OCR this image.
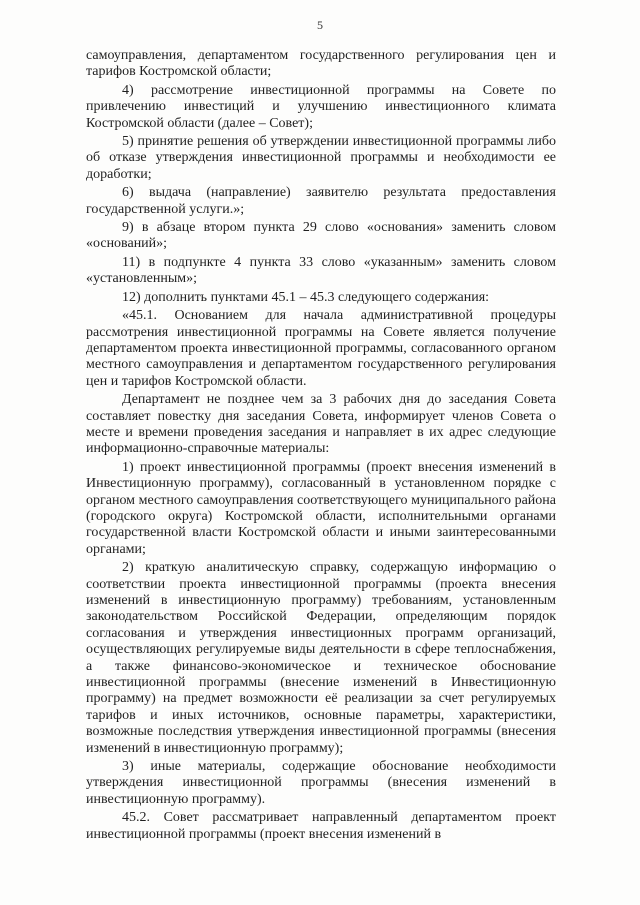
5

самоуправления, департаментом государственного регулирования цен и тарифов Костромской области;

4) рассмотрение инвестиционной программы на Совете по привлечению инвестиций и улучшению инвестиционного климата Костромской области (далее – Совет);

5) принятие решения об утверждении инвестиционной программы либо об отказе утверждения инвестиционной программы и необходимости ее доработки;

6) выдача (направление) заявителю результата предоставления государственной услуги.»;

9) в абзаце втором пункта 29 слово «основания» заменить словом «оснований»;

11) в подпункте 4 пункта 33 слово «указанным» заменить словом «установленным»;

12) дополнить пунктами 45.1 – 45.3 следующего содержания:

«45.1. Основанием для начала административной процедуры рассмотрения инвестиционной программы на Совете является получение департаментом проекта инвестиционной программы, согласованного органом местного самоуправления и департаментом государственного регулирования цен и тарифов Костромской области.

Департамент не позднее чем за 3 рабочих дня до заседания Совета составляет повестку дня заседания Совета, информирует членов Совета о месте и времени проведения заседания и направляет в их адрес следующие информационно-справочные материалы:

1) проект инвестиционной программы (проект внесения изменений в Инвестиционную программу), согласованный в установленном порядке с органом местного самоуправления соответствующего муниципального района (городского округа) Костромской области, исполнительными органами государственной власти Костромской области и иными заинтересованными органами;

2) краткую аналитическую справку, содержащую информацию о соответствии проекта инвестиционной программы (проекта внесения изменений в инвестиционную программу) требованиям, установленным законодательством Российской Федерации, определяющим порядок согласования и утверждения инвестиционных программ организаций, осуществляющих регулируемые виды деятельности в сфере теплоснабжения, а также финансово-экономическое и техническое обоснование инвестиционной программы (внесение изменений в Инвестиционную программу) на предмет возможности её реализации за счет регулируемых тарифов и иных источников, основные параметры, характеристики, возможные последствия утверждения инвестиционной программы (внесения изменений в инвестиционную программу);

3) иные материалы, содержащие обоснование необходимости утверждения инвестиционной программы (внесения изменений в инвестиционную программу).

45.2. Совет рассматривает направленный департаментом проект инвестиционной программы (проект внесения изменений в
